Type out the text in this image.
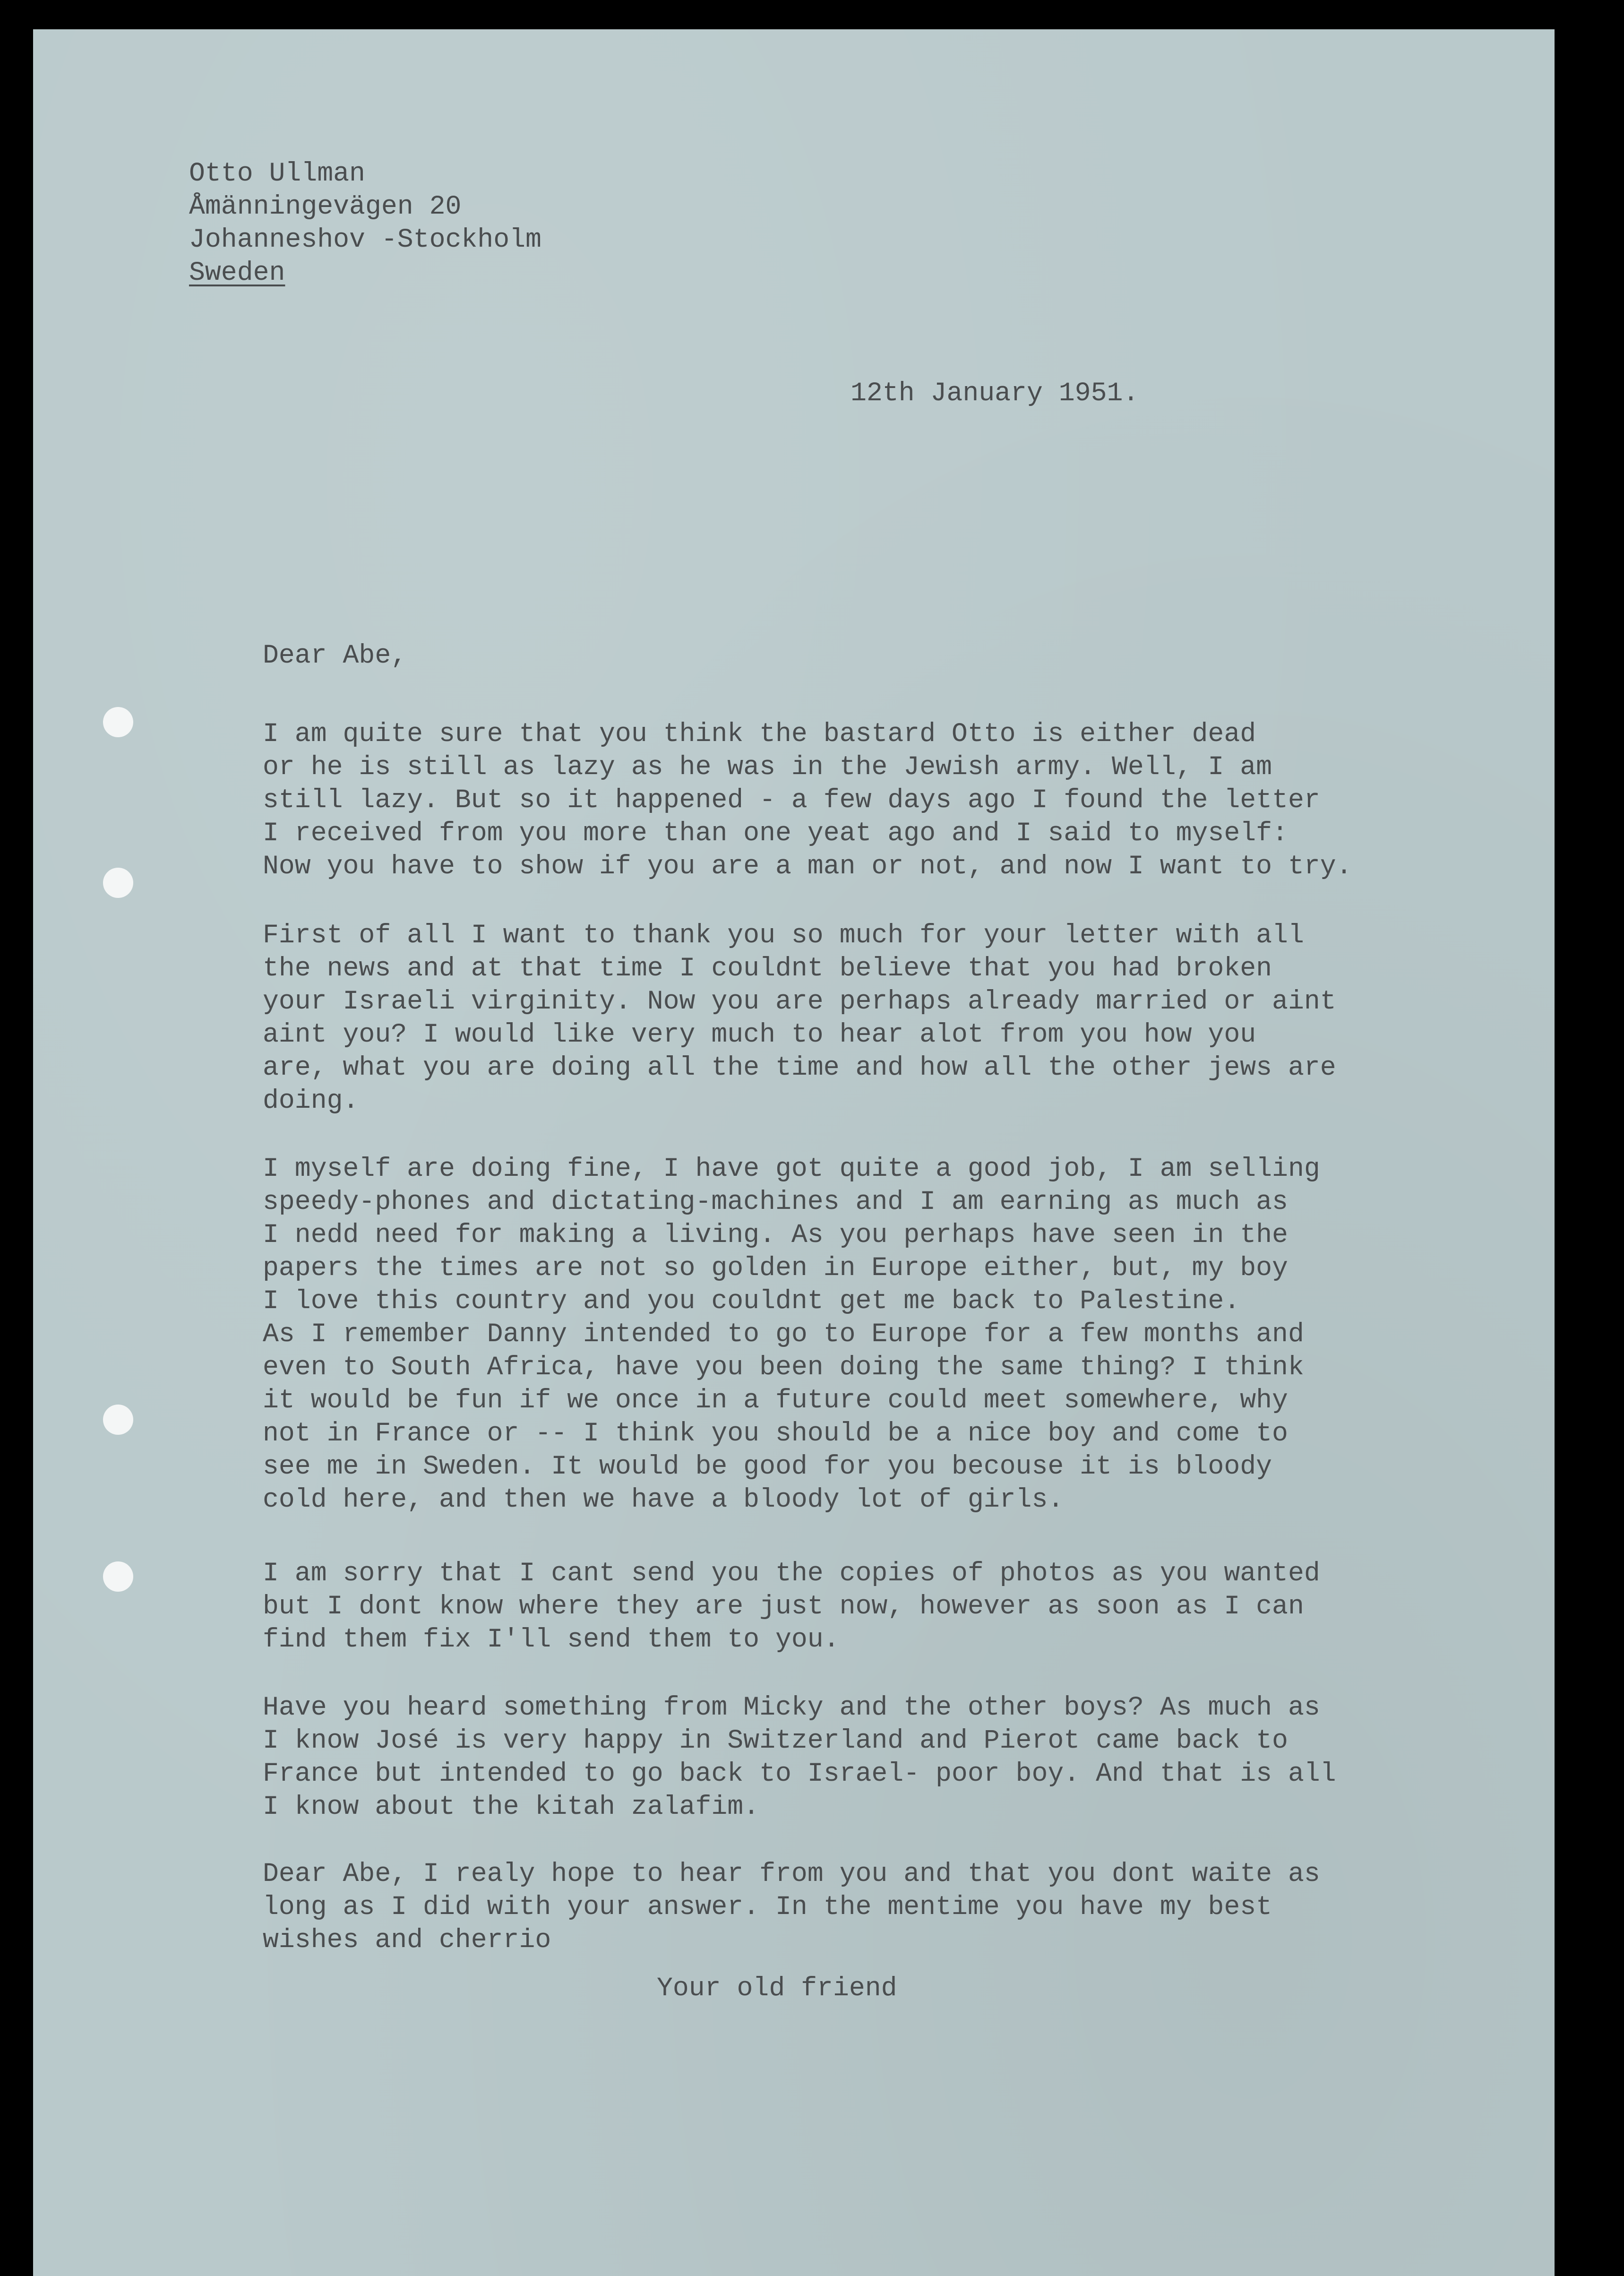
Otto Ullman
Åmänningevägen 20
Johanneshov -Stockholm
Sweden
12th January 1951.
Dear Abe,
I am quite sure that you think the bastard Otto is either dead
or he is still as lazy as he was in the Jewish army. Well, I am
still lazy. But so it happened - a few days ago I found the letter
I received from you more than one yeat ago and I said to myself:
Now you have to show if you are a man or not, and now I want to try.
First of all I want to thank you so much for your letter with all
the news and at that time I couldnt believe that you had broken
your Israeli virginity. Now you are perhaps already married or aint
aint you? I would like very much to hear alot from you how you
are, what you are doing all the time and how all the other jews are
doing.
I myself are doing fine, I have got quite a good job, I am selling
speedy-phones and dictating-machines and I am earning as much as
I nedd need for making a living. As you perhaps have seen in the
papers the times are not so golden in Europe either, but, my boy
I love this country and you couldnt get me back to Palestine.
As I remember Danny intended to go to Europe for a few months and
even to South Africa, have you been doing the same thing? I think
it would be fun if we once in a future could meet somewhere, why
not in France or -- I think you should be a nice boy and come to
see me in Sweden. It would be good for you becouse it is bloody
cold here, and then we have a bloody lot of girls.
I am sorry that I cant send you the copies of photos as you wanted
but I dont know where they are just now, however as soon as I can
find them fix I'll send them to you.
Have you heard something from Micky and the other boys? As much as
I know José is very happy in Switzerland and Pierot came back to
France but intended to go back to Israel- poor boy. And that is all
I know about the kitah zalafim.
Dear Abe, I realy hope to hear from you and that you dont waite as
long as I did with your answer. In the mentime you have my best
wishes and cherrio
Your old friend
